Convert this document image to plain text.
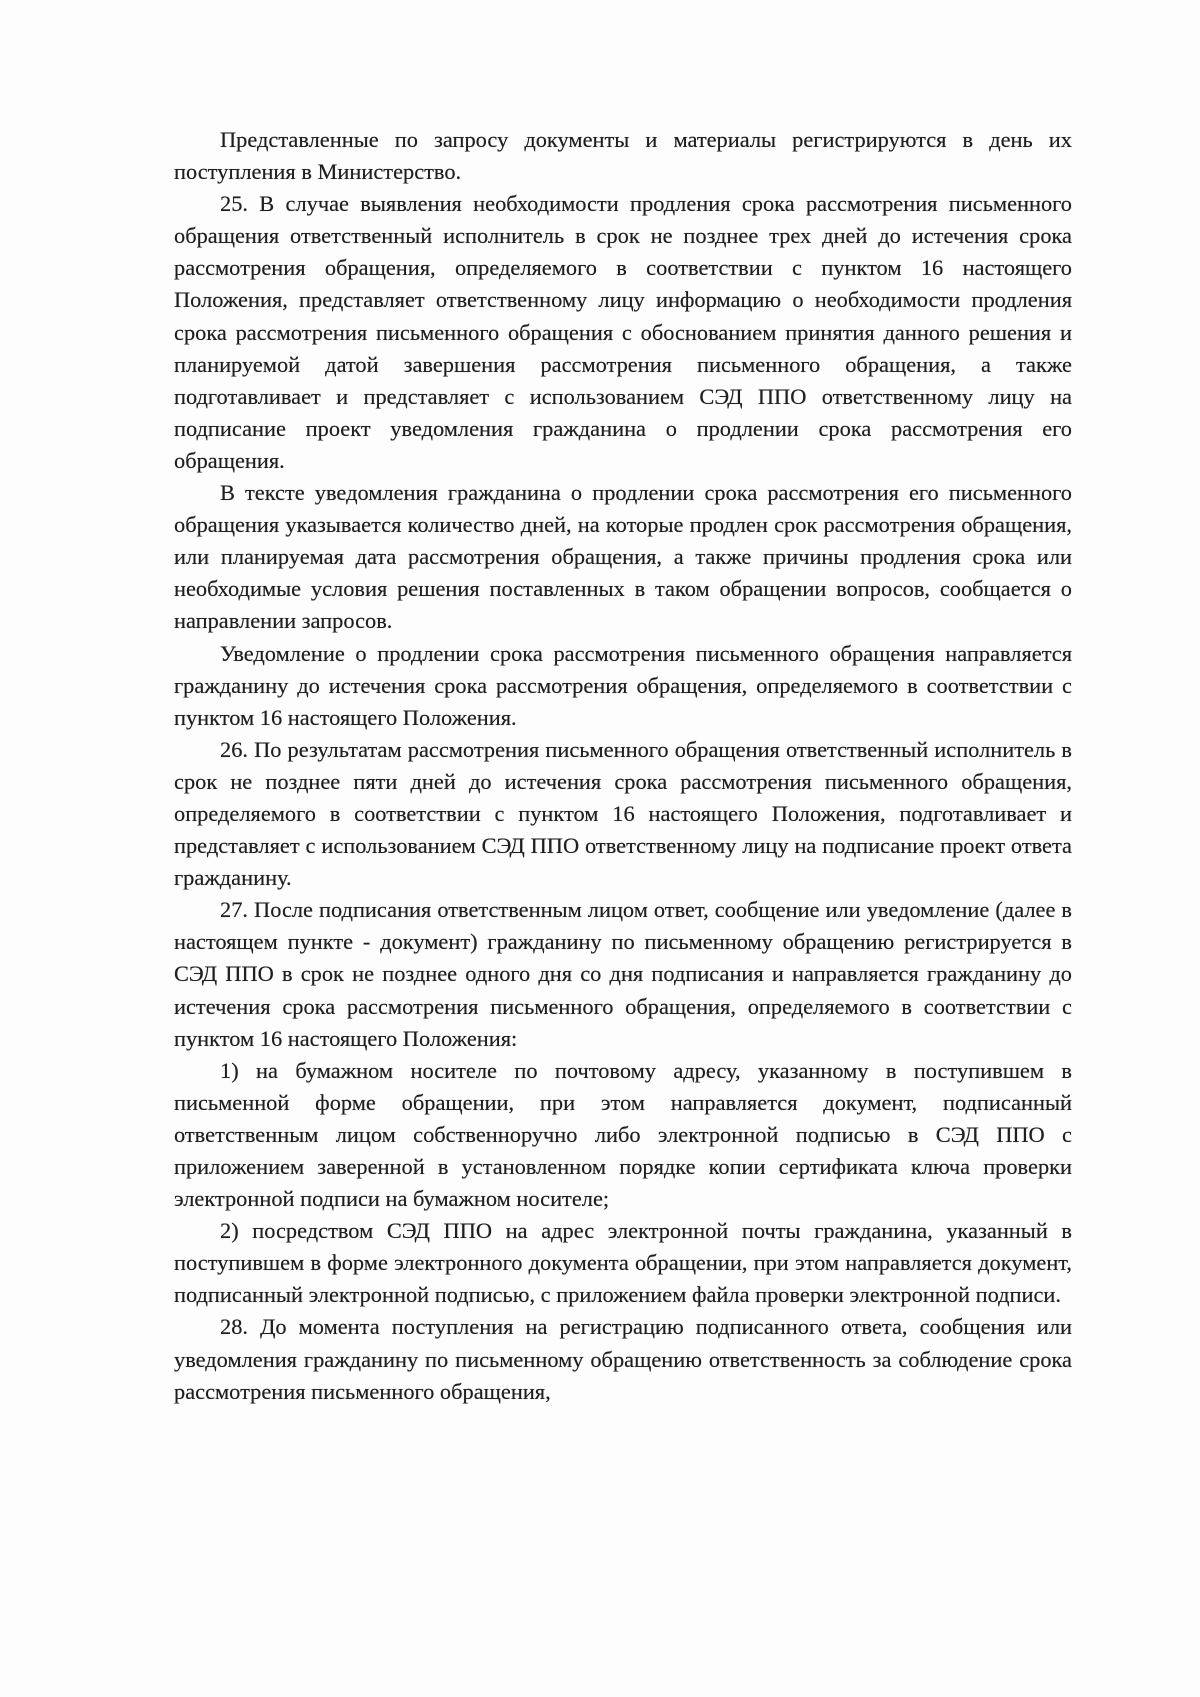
Представленные по запросу документы и материалы регистрируются в день их поступления в Министерство.

25. В случае выявления необходимости продления срока рассмотрения письменного обращения ответственный исполнитель в срок не позднее трех дней до истечения срока рассмотрения обращения, определяемого в соответствии с пунктом 16 настоящего Положения, представляет ответственному лицу информацию о необходимости продления срока рассмотрения письменного обращения с обоснованием принятия данного решения и планируемой датой завершения рассмотрения письменного обращения, а также подготавливает и представляет с использованием СЭД ППО ответственному лицу на подписание проект уведомления гражданина о продлении срока рассмотрения его обращения.

В тексте уведомления гражданина о продлении срока рассмотрения его письменного обращения указывается количество дней, на которые продлен срок рассмотрения обращения, или планируемая дата рассмотрения обращения, а также причины продления срока или необходимые условия решения поставленных в таком обращении вопросов, сообщается о направлении запросов.

Уведомление о продлении срока рассмотрения письменного обращения направляется гражданину до истечения срока рассмотрения обращения, определяемого в соответствии с пунктом 16 настоящего Положения.

26. По результатам рассмотрения письменного обращения ответственный исполнитель в срок не позднее пяти дней до истечения срока рассмотрения письменного обращения, определяемого в соответствии с пунктом 16 настоящего Положения, подготавливает и представляет с использованием СЭД ППО ответственному лицу на подписание проект ответа гражданину.

27. После подписания ответственным лицом ответ, сообщение или уведомление (далее в настоящем пункте - документ) гражданину по письменному обращению регистрируется в СЭД ППО в срок не позднее одного дня со дня подписания и направляется гражданину до истечения срока рассмотрения письменного обращения, определяемого в соответствии с пунктом 16 настоящего Положения:

1) на бумажном носителе по почтовому адресу, указанному в поступившем в письменной форме обращении, при этом направляется документ, подписанный ответственным лицом собственноручно либо электронной подписью в СЭД ППО с приложением заверенной в установленном порядке копии сертификата ключа проверки электронной подписи на бумажном носителе;

2) посредством СЭД ППО на адрес электронной почты гражданина, указанный в поступившем в форме электронного документа обращении, при этом направляется документ, подписанный электронной подписью, с приложением файла проверки электронной подписи.

28. До момента поступления на регистрацию подписанного ответа, сообщения или уведомления гражданину по письменному обращению ответственность за соблюдение срока рассмотрения письменного обращения,
